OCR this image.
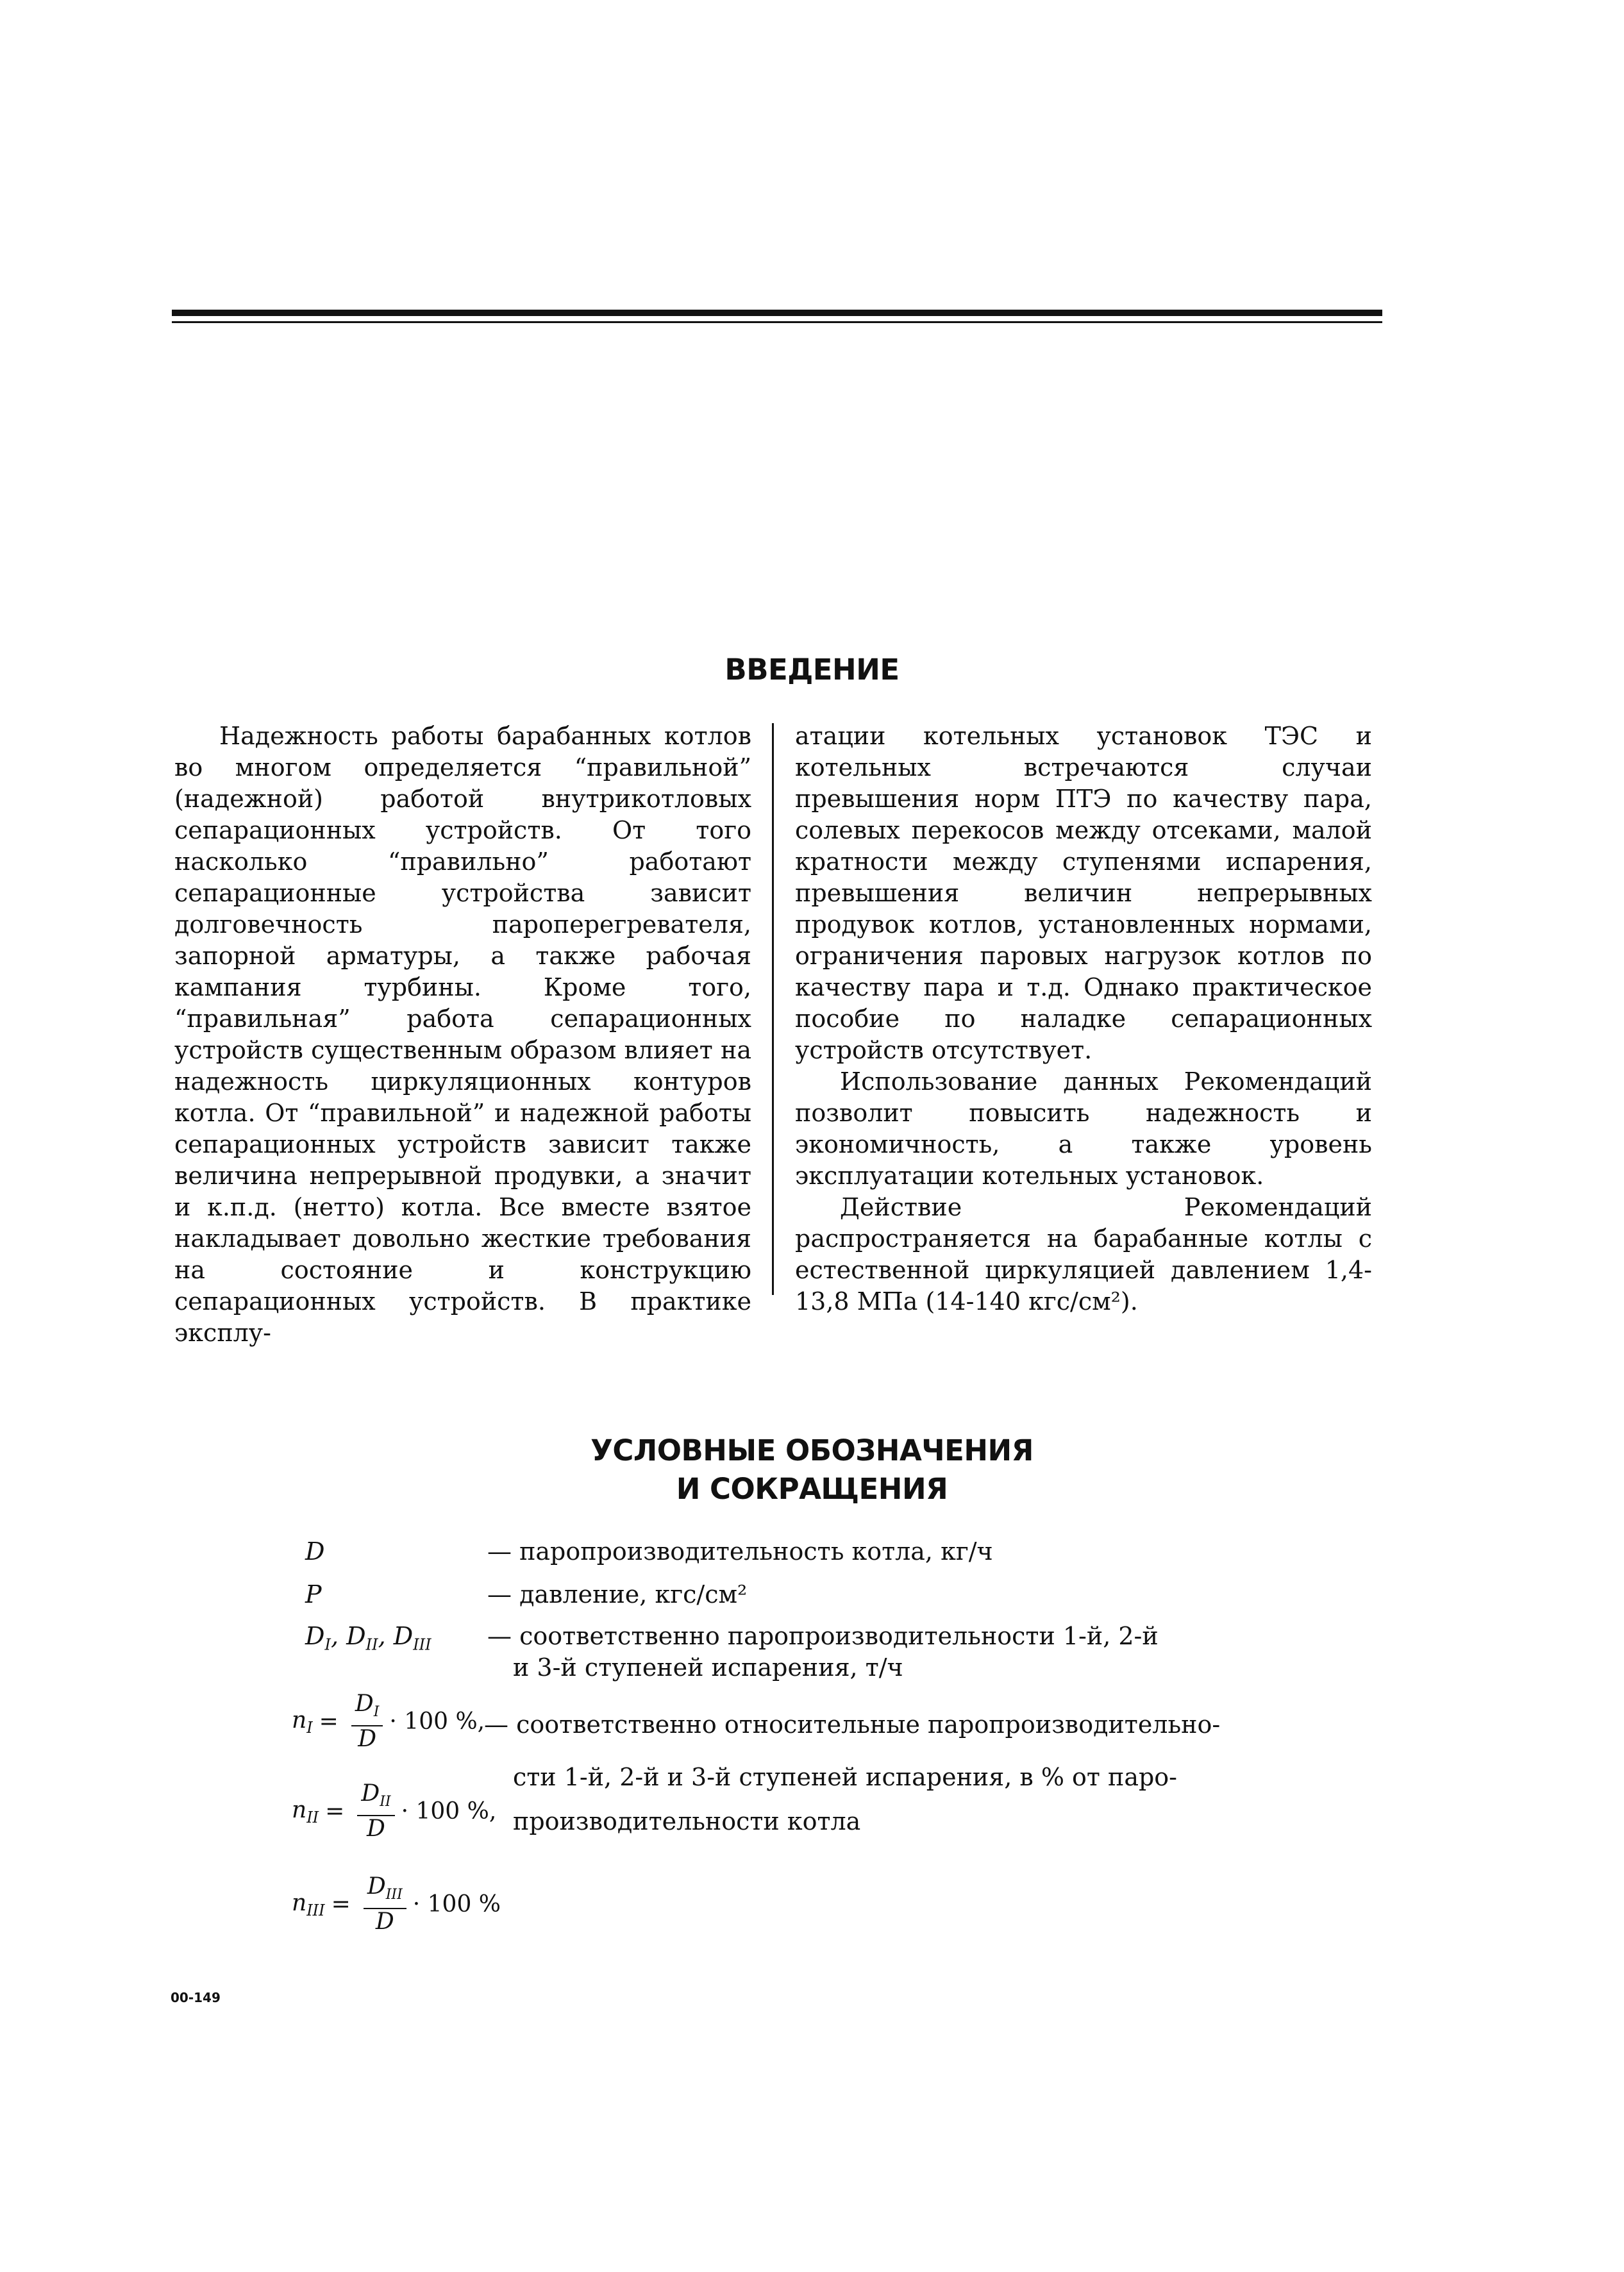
ВВЕДЕНИЕ

Надежность работы барабанных котлов во многом определяется “правильной” (надежной) работой внутрикотловых сепарационных устройств. От того насколько “правильно” работают сепарационные устройства зависит долговечность пароперегревателя, запорной арматуры, а также рабочая кампания турбины. Кроме того, “правильная” работа сепарационных устройств существенным образом влияет на надежность циркуляционных контуров котла. От “правильной” и надежной работы сепарационных устройств зависит также величина непрерывной продувки, а значит и к.п.д. (нетто) котла. Все вместе взятое накладывает довольно жесткие требования на состояние и конструкцию сепарационных устройств. В практике эксплу-

атации котельных установок ТЭС и котельных встречаются случаи превышения норм ПТЭ по качеству пара, солевых перекосов между отсеками, малой кратности между ступенями испарения, превышения величин непрерывных продувок котлов, установленных нормами, ограничения паровых нагрузок котлов по качеству пара и т.д. Однако практическое пособие по наладке сепарационных устройств отсутствует.

Использование данных Рекомендаций позволит повысить надежность и экономичность, а также уровень эксплуатации котельных установок.

Действие Рекомендаций распространяется на барабанные котлы с естественной циркуляцией давлением 1,4-13,8 МПа (14-140 кгс/см²).

УСЛОВНЫЕ ОБОЗНАЧЕНИЯ
И СОКРАЩЕНИЯ
D	— паропроизводительность котла, кг/ч
P	— давление, кгс/см²
$D_I$, $D_{II}$, $D_{III}$ — соответственно паропроизводительности 1-й, 2-й
и 3-й ступеней испарения, т/ч
$n_I = \frac{D_I}{D} \cdot 100$ %,
— соответственно относительные паропроизводительно-
сти 1-й, 2-й и 3-й ступеней испарения, в % от паро-
$n_{II} = \frac{D_{II}}{D} \cdot 100$ %, производительности котла
$n_{III} = \frac{D_{III}}{D} \cdot 100$ %
00-149
